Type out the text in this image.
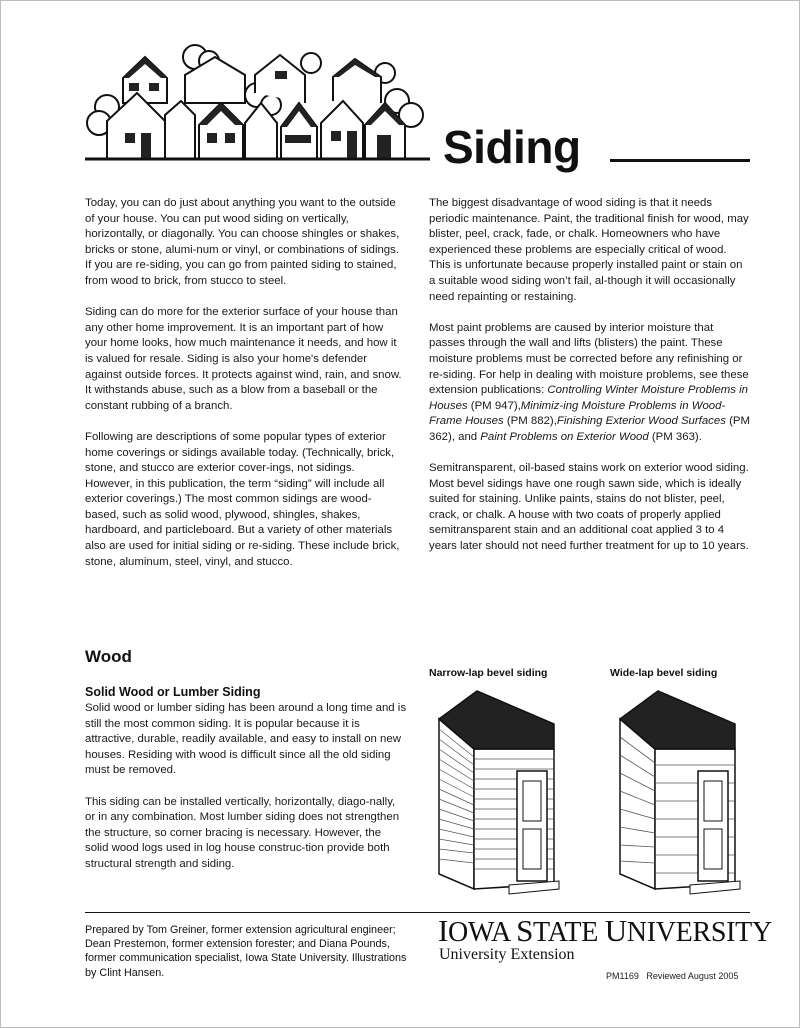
Siding

Today, you can do just about anything you want to the outside of your house. You can put wood siding on vertically, horizontally, or diagonally. You can choose shingles or shakes, bricks or stone, alumi-num or vinyl, or combinations of sidings. If you are re-siding, you can go from painted siding to stained, from wood to brick, from stucco to steel.

Siding can do more for the exterior surface of your house than any other home improvement. It is an important part of how your home looks, how much maintenance it needs, and how it is valued for resale. Siding is also your home's defender against outside forces. It protects against wind, rain, and snow. It withstands abuse, such as a blow from a baseball or the constant rubbing of a branch.

Following are descriptions of some popular types of exterior home coverings or sidings available today. (Technically, brick, stone, and stucco are exterior cover-ings, not sidings. However, in this publication, the term “siding” will include all exterior coverings.) The most common sidings are wood-based, such as solid wood, plywood, shingles, shakes, hardboard, and particleboard. But a variety of other materials also are used for initial siding or re-siding. These include brick, stone, aluminum, steel, vinyl, and stucco.

The biggest disadvantage of wood siding is that it needs periodic maintenance. Paint, the traditional finish for wood, may blister, peel, crack, fade, or chalk. Homeowners who have experienced these problems are especially critical of wood. This is unfortunate because properly installed paint or stain on a suitable wood siding won’t fail, al-though it will occasionally need repainting or restaining.

Most paint problems are caused by interior moisture that passes through the wall and lifts (blisters) the paint. These moisture problems must be corrected before any refinishing or re-siding. For help in dealing with moisture problems, see these extension publications: Controlling Winter Moisture Problems in Houses (PM 947),Minimiz-ing Moisture Problems in Wood-Frame Houses (PM 882),Finishing Exterior Wood Surfaces (PM 362), and Paint Problems on Exterior Wood (PM 363).

Semitransparent, oil-based stains work on exterior wood siding. Most bevel sidings have one rough sawn side, which is ideally suited for staining. Unlike paints, stains do not blister, peel, crack, or chalk. A house with two coats of properly applied semitransparent stain and an additional coat applied 3 to 4 years later should not need further treatment for up to 10 years.

Wood
Solid Wood or Lumber Siding

Solid wood or lumber siding has been around a long time and is still the most common siding. It is popular because it is attractive, durable, readily available, and easy to install on new houses. Residing with wood is difficult since all the old siding must be removed.

This siding can be installed vertically, horizontally, diago-nally, or in any combination. Most lumber siding does not strengthen the structure, so corner bracing is necessary. However, the solid wood logs used in log house construc-tion provide both structural strength and siding.

Narrow-lap bevel siding	Wide-lap bevel siding
Prepared by Tom Greiner, former extension agricultural engineer; Dean Prestemon, former extension forester; and Diana Pounds, former communication specialist, Iowa State University. Illustrations by Clint Hansen.
IOWA STATE UNIVERSITY
University Extension
PM1169 Reviewed August 2005
